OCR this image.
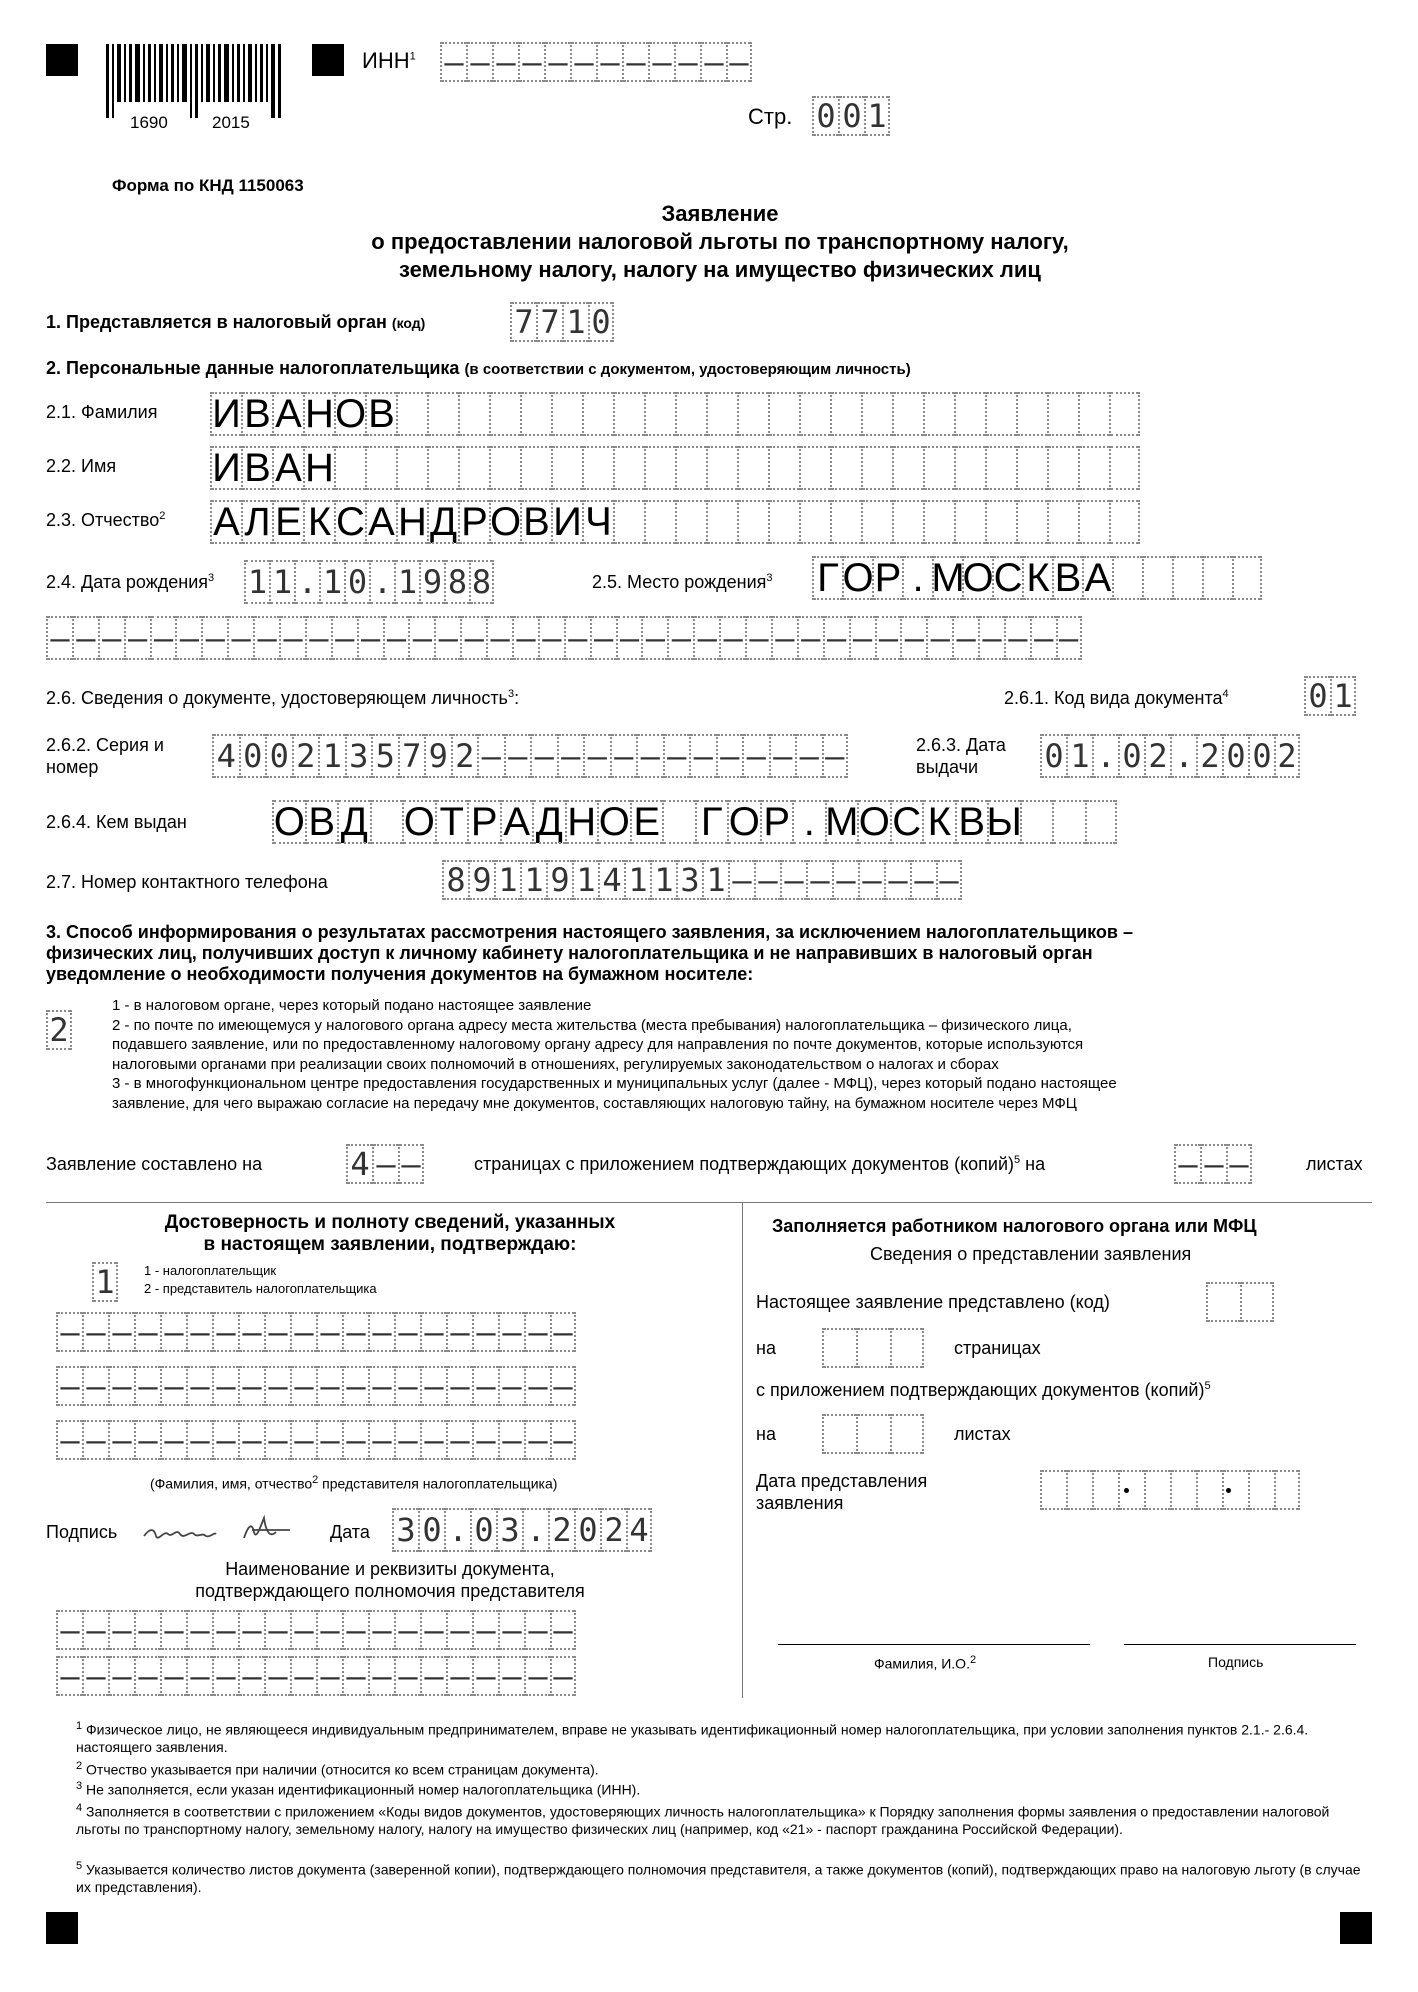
1690	2015
ИНН$^1$ – – – – – – – – – – – –
Стр. 0 0 1
Форма по КНД 1150063
Заявление
о предоставлении налоговой льготы по транспортному налогу,
земельному налогу, налогу на имущество физических лиц
1. Представляется в налоговый орган (код)	7 7 1 0
2. Персональные данные налогоплательщика (в соответствии с документом, удостоверяющим личность)
2.1. Фамилия И В А Н О В
2.2. Имя И В А Н
2.3. Отчество$^2$ А Л Е К С А Н Д Р О В И Ч
2.4. Дата рождения$^3$ 1 1 . 1 0 . 1 9 8 8	2.5. Место рождения$^3$ Г О Р . М
О С К В А
– – – – – – – – – – – – – – – – – – – – – – – – – – – – – – – – – – – – – – – –
2.6. Сведения о документе, удостоверяющем личность$^3$:	2.6.1. Код вида документа$^4$ 0 1
2.6.2. Серия и
номер	4 0 0 2 1 3 5 7 9 2 – – – – – – – – – – – – – –	2.6.3. Дата
выдачи	0 1 . 0 2 . 2 0 0 2
2.6.4. Кем выдан О В Д О Т Р А Д Н О Е Г О Р . М О С К В Ы
2.7. Номер контактного телефона	8 9 1 1 9 1 4 1 1 3 1 – – – – – – – – –
3. Способ информирования о результатах рассмотрения настоящего заявления, за исключением налогоплательщиков –
физических лиц, получивших доступ к личному кабинету налогоплательщика и не направивших в налоговый орган
уведомление о необходимости получения документов на бумажном носителе:
2
1 - в налоговом органе, через который подано настоящее заявление
2 - по почте по имеющемуся у налогового органа адресу места жительства (места пребывания) налогоплательщика – физического лица,
подавшего заявление, или по предоставленному налоговому органу адресу для направления по почте документов, которые используются
налоговыми органами при реализации своих полномочий в отношениях, регулируемых законодательством о налогах и сборах
3 - в многофункциональном центре предоставления государственных и муниципальных услуг (далее - МФЦ), через который подано настоящее
заявление, для чего выражаю согласие на передачу мне документов, составляющих налоговую тайну, на бумажном носителе через МФЦ
Заявление составлено на	4 – –	страницах с приложением подтверждающих документов (копий)$^5$ на	– – –	листах
Достоверность и полноту сведений, указанных
в настоящем заявлении, подтверждаю:
1 1 - налогоплательщик
2 - представитель налогоплательщика
– – – – – – – – – – – – – – – – – – – –
– – – – – – – – – – – – – – – – – – – –
– – – – – – – – – – – – – – – – – – – –
(Фамилия, имя, отчество$^2$ представителя налогоплательщика)
Подпись	Дата 3 0 . 0 3 . 2 0 2 4
Наименование и реквизиты документа,
подтверждающего полномочия представителя
– – – – – – – – – – – – – – – – – – – –
– – – – – – – – – – – – – – – – – – – –
Заполняется работником налогового органа или МФЦ
Сведения о представлении заявления
Настоящее заявление представлено (код)
на	страницах
с приложением подтверждающих документов (копий)$^5$
на	листах
Дата представления
заявления
Фамилия, И.О.$^2$	Подпись
$^1$ Физическое лицо, не являющееся индивидуальным предпринимателем, вправе не указывать идентификационный номер налогоплательщика, при условии заполнения пунктов 2.1.- 2.6.4. настоящего заявления.
$^2$ Отчество указывается при наличии (относится ко всем страницам документа).
$^3$ Не заполняется, если указан идентификационный номер налогоплательщика (ИНН).
$^4$ Заполняется в соответствии с приложением «Коды видов документов, удостоверяющих личность налогоплательщика» к Порядку заполнения формы заявления о предоставлении налоговой льготы по транспортному налогу, земельному налогу, налогу на имущество физических лиц (например, код «21» - паспорт гражданина Российской Федерации).
$^5$ Указывается количество листов документа (заверенной копии), подтверждающего полномочия представителя, а также документов (копий), подтверждающих право на налоговую льготу (в случае их представления).
